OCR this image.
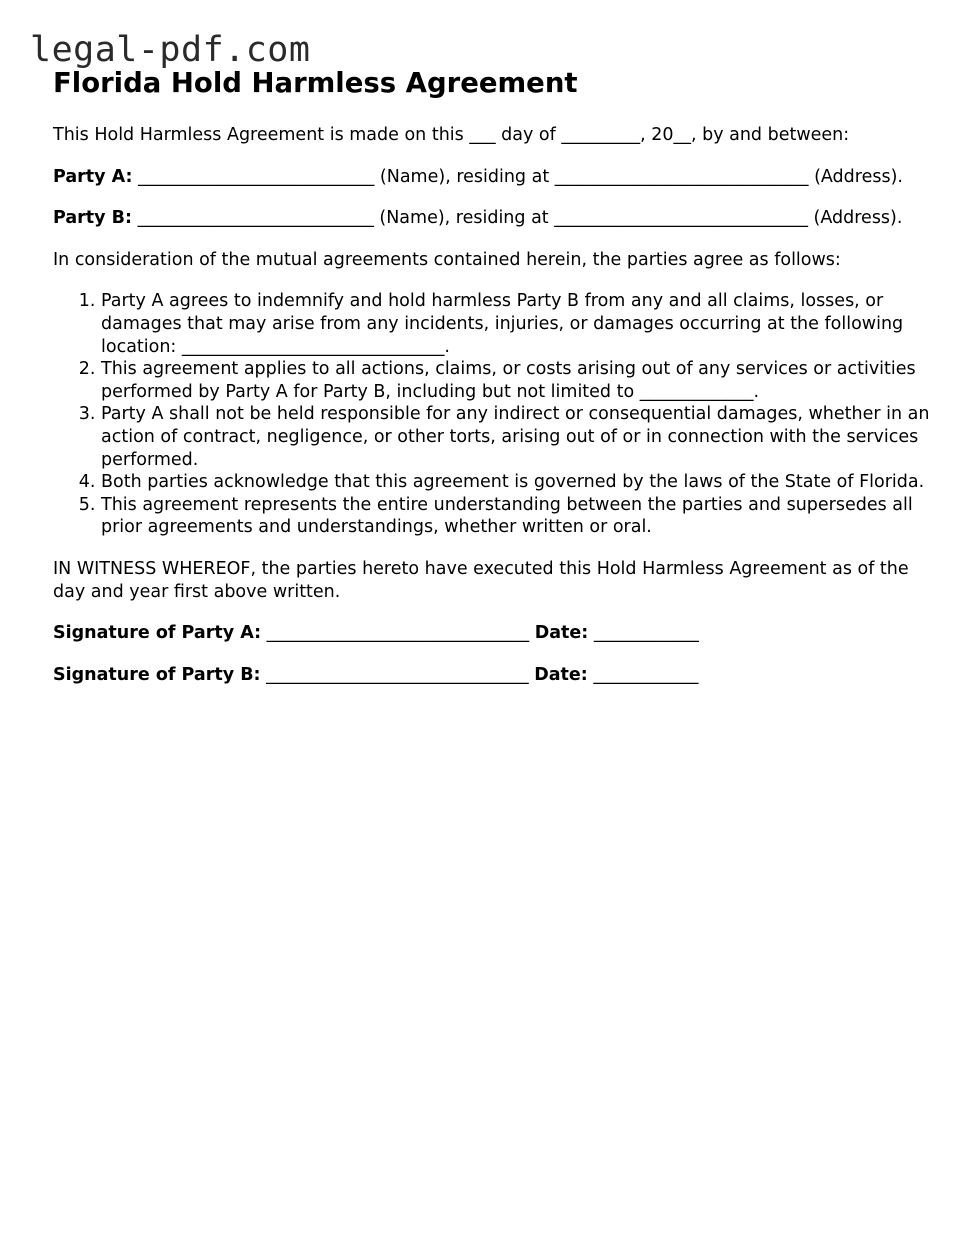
legal-pdf.com
Florida Hold Harmless Agreement

This Hold Harmless Agreement is made on this ___ day of _________, 20__, by and between:

Party A: ___________________________ (Name), residing at _____________________________ (Address).

Party B: ___________________________ (Name), residing at _____________________________ (Address).

In consideration of the mutual agreements contained herein, the parties agree as follows:

1. Party A agrees to indemnify and hold harmless Party B from any and all claims, losses, or damages that may arise from any incidents, injuries, or damages occurring at the following location: ______________________________.
2. This agreement applies to all actions, claims, or costs arising out of any services or activities performed by Party A for Party B, including but not limited to _____________.
3. Party A shall not be held responsible for any indirect or consequential damages, whether in an action of contract, negligence, or other torts, arising out of or in connection with the services performed.
4. Both parties acknowledge that this agreement is governed by the laws of the State of Florida.
5. This agreement represents the entire understanding between the parties and supersedes all prior agreements and understandings, whether written or oral.

IN WITNESS WHEREOF, the parties hereto have executed this Hold Harmless Agreement as of the day and year first above written.

Signature of Party A: ______________________________ Date: ____________

Signature of Party B: ______________________________ Date: ____________
